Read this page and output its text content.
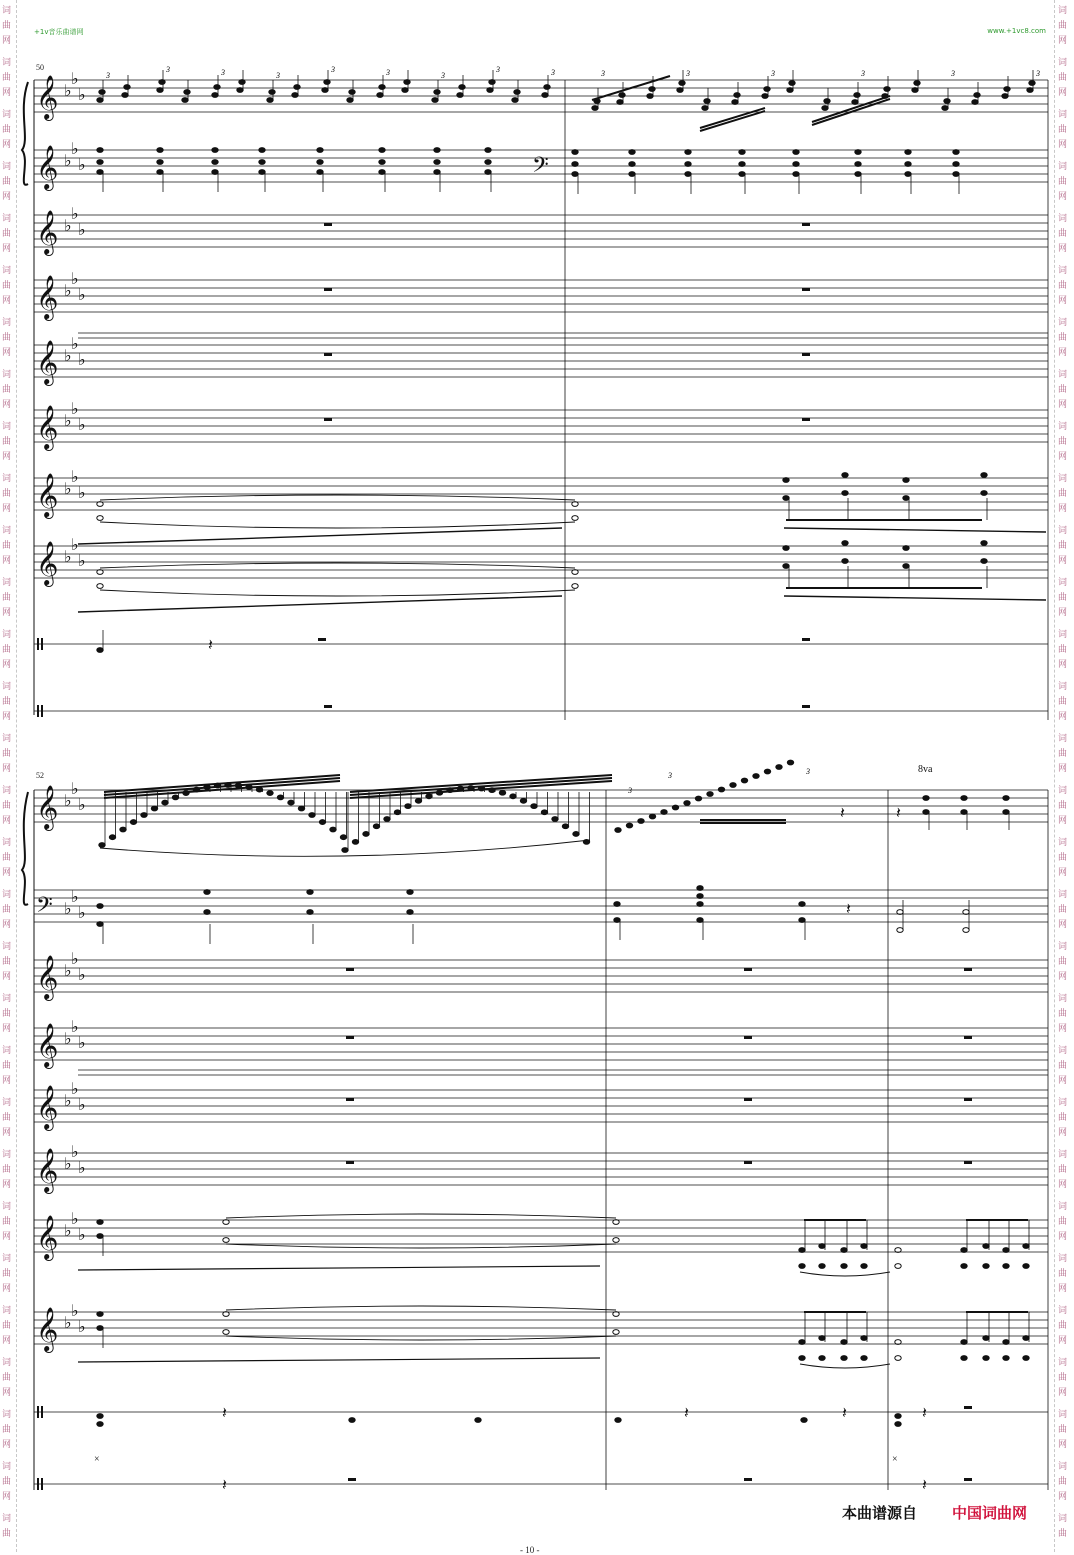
词
曲
网
词
曲
网
词
曲
网
词
曲
网
词
曲
网
词
曲
网
词
曲
网
词
曲
网
词
曲
网
词
曲
网
词
曲
网
词
曲
网
词
曲
网
词
曲
网
词
曲
网
词
曲
网
词
曲
网
词
曲
网
词
曲
网
词
曲
网
词
曲
网
词
曲
网
词
曲
网
词
曲
网
词
曲
网
词
曲
网
词
曲
网
词
曲
网
词
曲
网
词
曲
词
曲
网
词
曲
网
词
曲
网
词
曲
网
词
曲
网
词
曲
网
词
曲
网
词
曲
网
词
曲
网
词
曲
网
词
曲
网
词
曲
网
词
曲
网
词
曲
网
词
曲
网
词
曲
网
词
曲
网
词
曲
网
词
曲
网
词
曲
网
词
曲
网
词
曲
网
词
曲
网
词
曲
网
词
曲
网
词
曲
网
词
曲
网
词
曲
网
词
曲
网
词
曲
+1v音乐曲谱网	www.+1vc8.com
𝄞 ♭
♭
♭
𝄞 ♭
♭
♭
𝄞 ♭
♭
♭
𝄞 ♭
♭
♭
𝄞 ♭
♭
♭
𝄞 ♭
♭
♭
𝄞 ♭
♭
♭
𝄞 ♭
♭
♭
𝄞 ♭
♭
♭
𝄢 ♭
♭
♭
𝄞 ♭
♭
♭
𝄞 ♭
♭
♭
𝄞 ♭
♭
♭
𝄞 ♭
♭
♭
𝄞 ♭
♭
♭
𝄞 ♭
♭
♭
3
3	3	3
3	3	3
3	3	3	3	3	3	3	3
𝄢
𝄽
3
3	3
𝄽	𝄽
8va
𝄽
𝄽	𝄽	𝄽	𝄽
×	×
𝄽	𝄽
50
52
- 10 -
本曲谱源自 中国词曲网
